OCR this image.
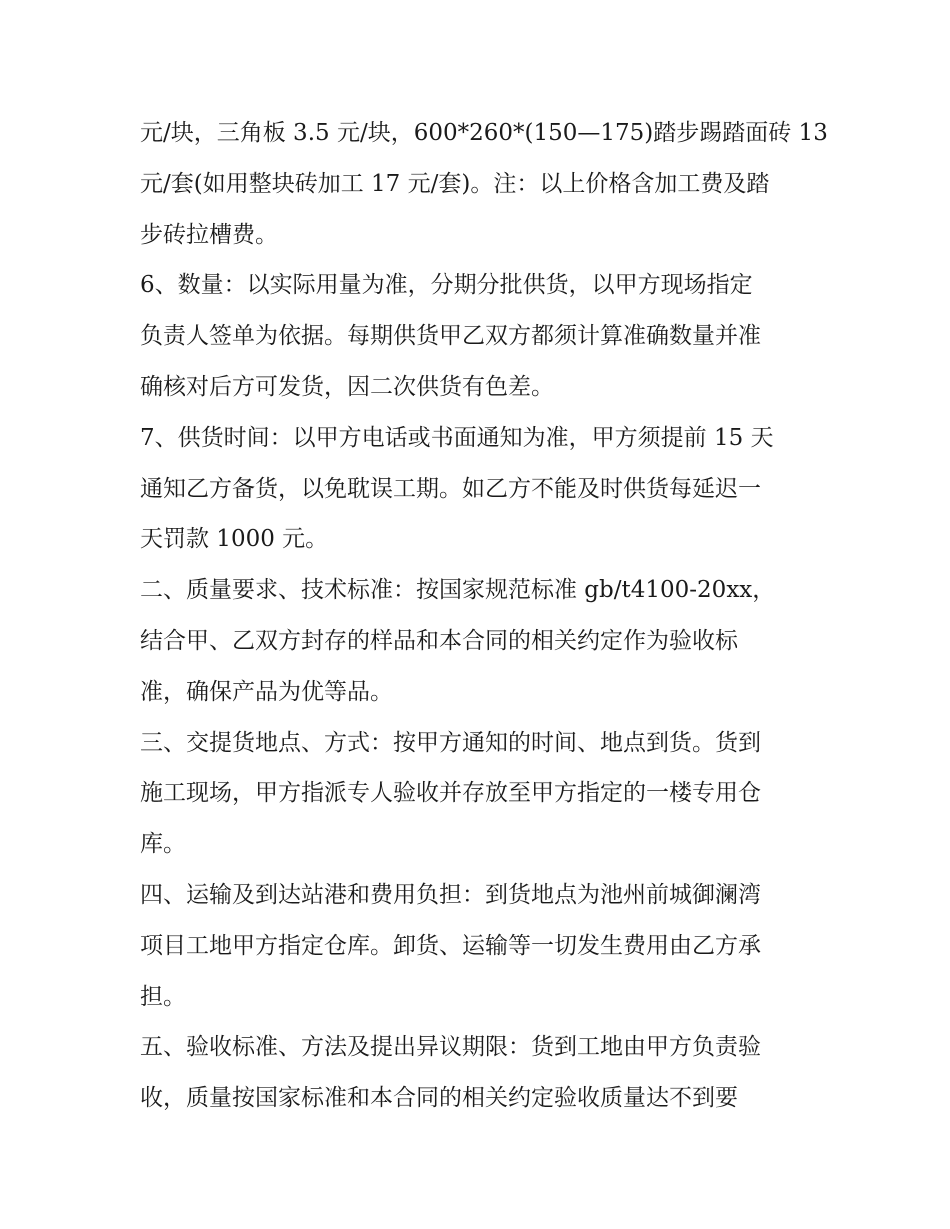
元/块，三角板 3.5 元/块，600*260*(150—175)踏步踢踏面砖 13
元/套(如用整块砖加工 17 元/套)。注：以上价格含加工费及踏
步砖拉槽费。
6、数量：以实际用量为准，分期分批供货，以甲方现场指定
负责人签单为依据。每期供货甲乙双方都须计算准确数量并准
确核对后方可发货，因二次供货有色差。
7、供货时间：以甲方电话或书面通知为准，甲方须提前 15 天
通知乙方备货，以免耽误工期。如乙方不能及时供货每延迟一
天罚款 1000 元。
二、质量要求、技术标准：按国家规范标准 gb/t4100-20xx，
结合甲、乙双方封存的样品和本合同的相关约定作为验收标
准，确保产品为优等品。
三、交提货地点、方式：按甲方通知的时间、地点到货。货到
施工现场，甲方指派专人验收并存放至甲方指定的一楼专用仓
库。
四、运输及到达站港和费用负担：到货地点为池州前城御澜湾
项目工地甲方指定仓库。卸货、运输等一切发生费用由乙方承
担。
五、验收标准、方法及提出异议期限：货到工地由甲方负责验
收，质量按国家标准和本合同的相关约定验收质量达不到要
